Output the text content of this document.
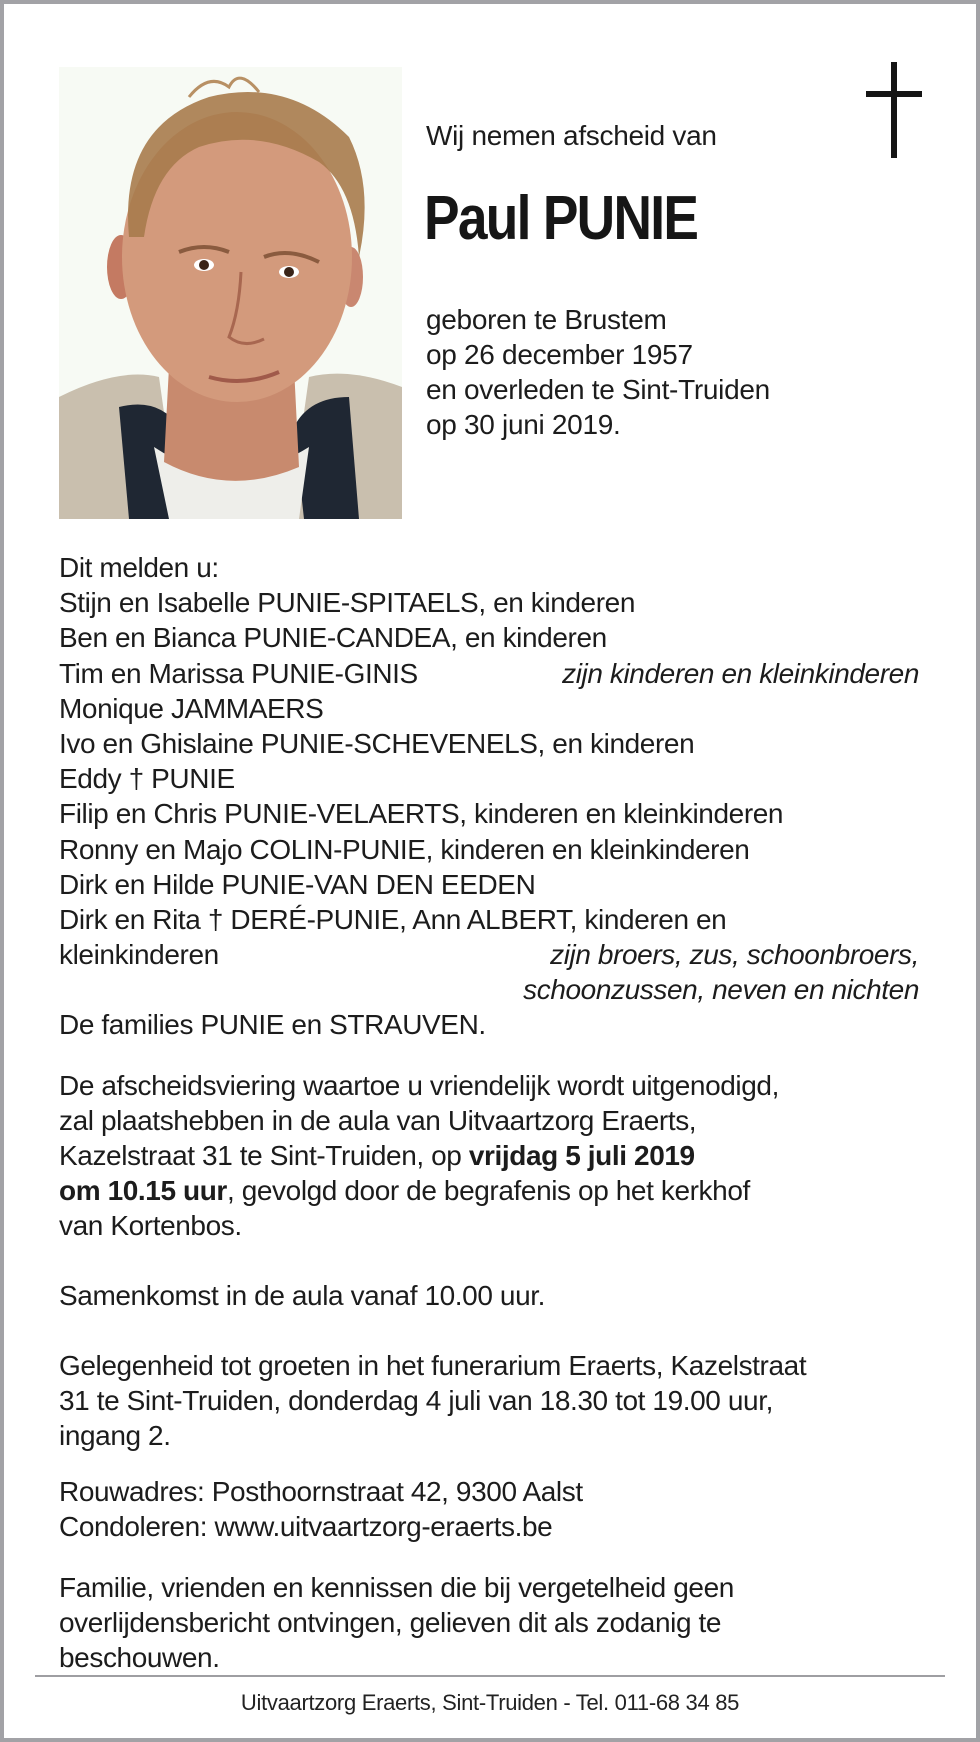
Wij nemen afscheid van
Paul PUNIE
geboren te Brustem
op 26 december 1957
en overleden te Sint-Truiden
op 30 juni 2019.
Dit melden u:
Stijn en Isabelle PUNIE-SPITAELS, en kinderen
Ben en Bianca PUNIE-CANDEA, en kinderen
Tim en Marissa PUNIE-GINIS	zijn kinderen en kleinkinderen
Monique JAMMAERS
Ivo en Ghislaine PUNIE-SCHEVENELS, en kinderen
Eddy † PUNIE
Filip en Chris PUNIE-VELAERTS, kinderen en kleinkinderen
Ronny en Majo COLIN-PUNIE, kinderen en kleinkinderen
Dirk en Hilde PUNIE-VAN DEN EEDEN
Dirk en Rita † DERÉ-PUNIE, Ann ALBERT, kinderen en
kleinkinderen	zijn broers, zus, schoonbroers,
schoonzussen, neven en nichten
De families PUNIE en STRAUVEN.
De afscheidsviering waartoe u vriendelijk wordt uitgenodigd,
zal plaatshebben in de aula van Uitvaartzorg Eraerts,
Kazelstraat 31 te Sint-Truiden, op vrijdag 5 juli 2019
om 10.15 uur, gevolgd door de begrafenis op het kerkhof
van Kortenbos.
Samenkomst in de aula vanaf 10.00 uur.
Gelegenheid tot groeten in het funerarium Eraerts, Kazelstraat
31 te Sint-Truiden, donderdag 4 juli van 18.30 tot 19.00 uur,
ingang 2.
Rouwadres: Posthoornstraat 42, 9300 Aalst
Condoleren: www.uitvaartzorg-eraerts.be
Familie, vrienden en kennissen die bij vergetelheid geen
overlijdensbericht ontvingen, gelieven dit als zodanig te
beschouwen.
Uitvaartzorg Eraerts, Sint-Truiden - Tel. 011-68 34 85
